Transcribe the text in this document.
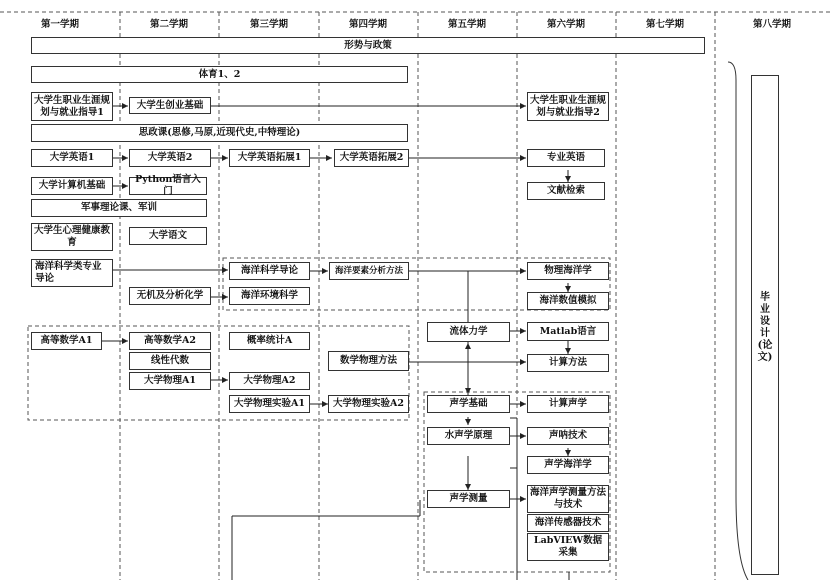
第一学期	第二学期	第三学期	第四学期	第五学期	第六学期	第七学期	第八学期
形势与政策
体育1、2
大学生职业生涯规划与就业指导1
大学生创业基础	大学生职业生涯规划与就业指导2
思政课(思修,马原,近现代史,中特理论)
大学英语1	大学英语2	大学英语拓展1	大学英语拓展2	专业英语
大学计算机基础
Python语言入门	文献检索
军事理论课、军训
大学生心理健康教育
大学语文
海洋科学类专业导论
海洋科学导论	海洋要素分析方法	物理海洋学
无机及分析化学	海洋环境科学	海洋数值模拟
高等数学A1	高等数学A2	概率统计A
流体力学	Matlab语言
线性代数	数学物理方法	计算方法
大学物理A1	大学物理A2
大学物理实验A1	大学物理实验A2	声学基础	计算声学
水声学原理	声呐技术
声学海洋学
声学测量
海洋声学测量方法与技术
海洋传感器技术
LabVIEW数据采集
毕业设计(论文)
